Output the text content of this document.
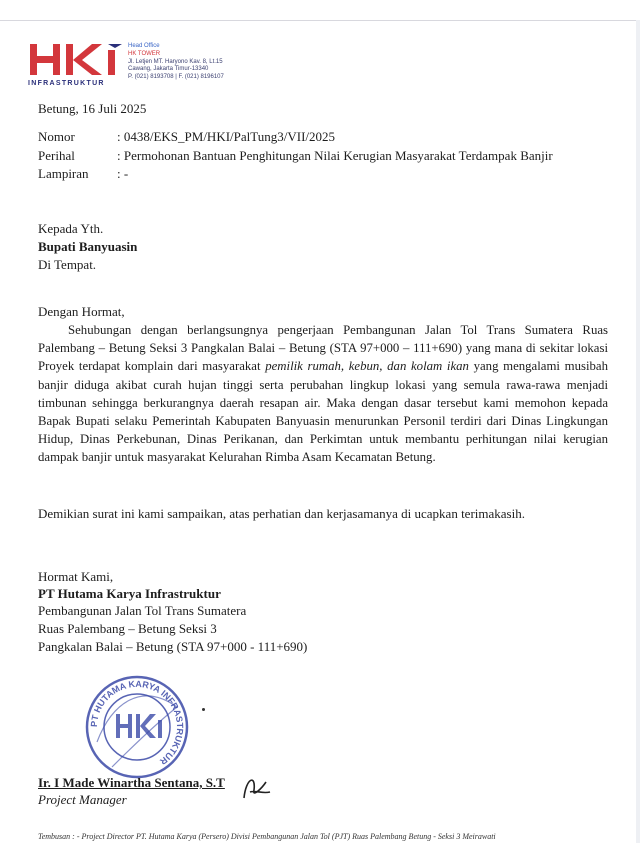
INFRASTRUKTUR
Head Office
HK TOWER
Jl. Letjen MT. Haryono Kav. 8, Lt.15
Cawang, Jakarta Timur-13340
P. (021) 8193708 | F. (021) 8196107
Betung, 16 Juli 2025
Nomor	: 0438/EKS_PM/HKI/PalTung3/VII/2025
Perihal	: Permohonan Bantuan Penghitungan Nilai Kerugian Masyarakat Terdampak Banjir
Lampiran : -
Kepada Yth.
Bupati Banyuasin
Di Tempat.
Dengan Hormat,
Sehubungan dengan berlangsungnya pengerjaan Pembangunan Jalan Tol Trans Sumatera Ruas Palembang – Betung Seksi 3 Pangkalan Balai – Betung (STA 97+000 – 111+690) yang mana di sekitar lokasi Proyek terdapat komplain dari masyarakat pemilik rumah, kebun, dan kolam ikan yang mengalami musibah banjir diduga akibat curah hujan tinggi serta perubahan lingkup lokasi yang semula rawa-rawa menjadi timbunan sehingga berkurangnya daerah resapan air. Maka dengan dasar tersebut kami memohon kepada Bapak Bupati selaku Pemerintah Kabupaten Banyuasin menurunkan Personil terdiri dari Dinas Lingkungan Hidup, Dinas Perkebunan, Dinas Perikanan, dan Perkimtan untuk membantu perhitungan nilai kerugian dampak banjir untuk masyarakat Kelurahan Rimba Asam Kecamatan Betung.
Demikian surat ini kami sampaikan, atas perhatian dan kerjasamanya di ucapkan terimakasih.
Hormat Kami,
PT Hutama Karya Infrastruktur
Pembangunan Jalan Tol Trans Sumatera
Ruas Palembang – Betung Seksi 3
Pangkalan Balai – Betung (STA 97+000 - 111+690)
PT HUTAMA KARYA INFRASTRUKTUR
Ir. I Made Winartha Sentana, S.T
Project Manager
Tembusan : - Project Director PT. Hutama Karya (Persero) Divisi Pembangunan Jalan Tol (PJT) Ruas Palembang Betung - Seksi 3 Meirawati
